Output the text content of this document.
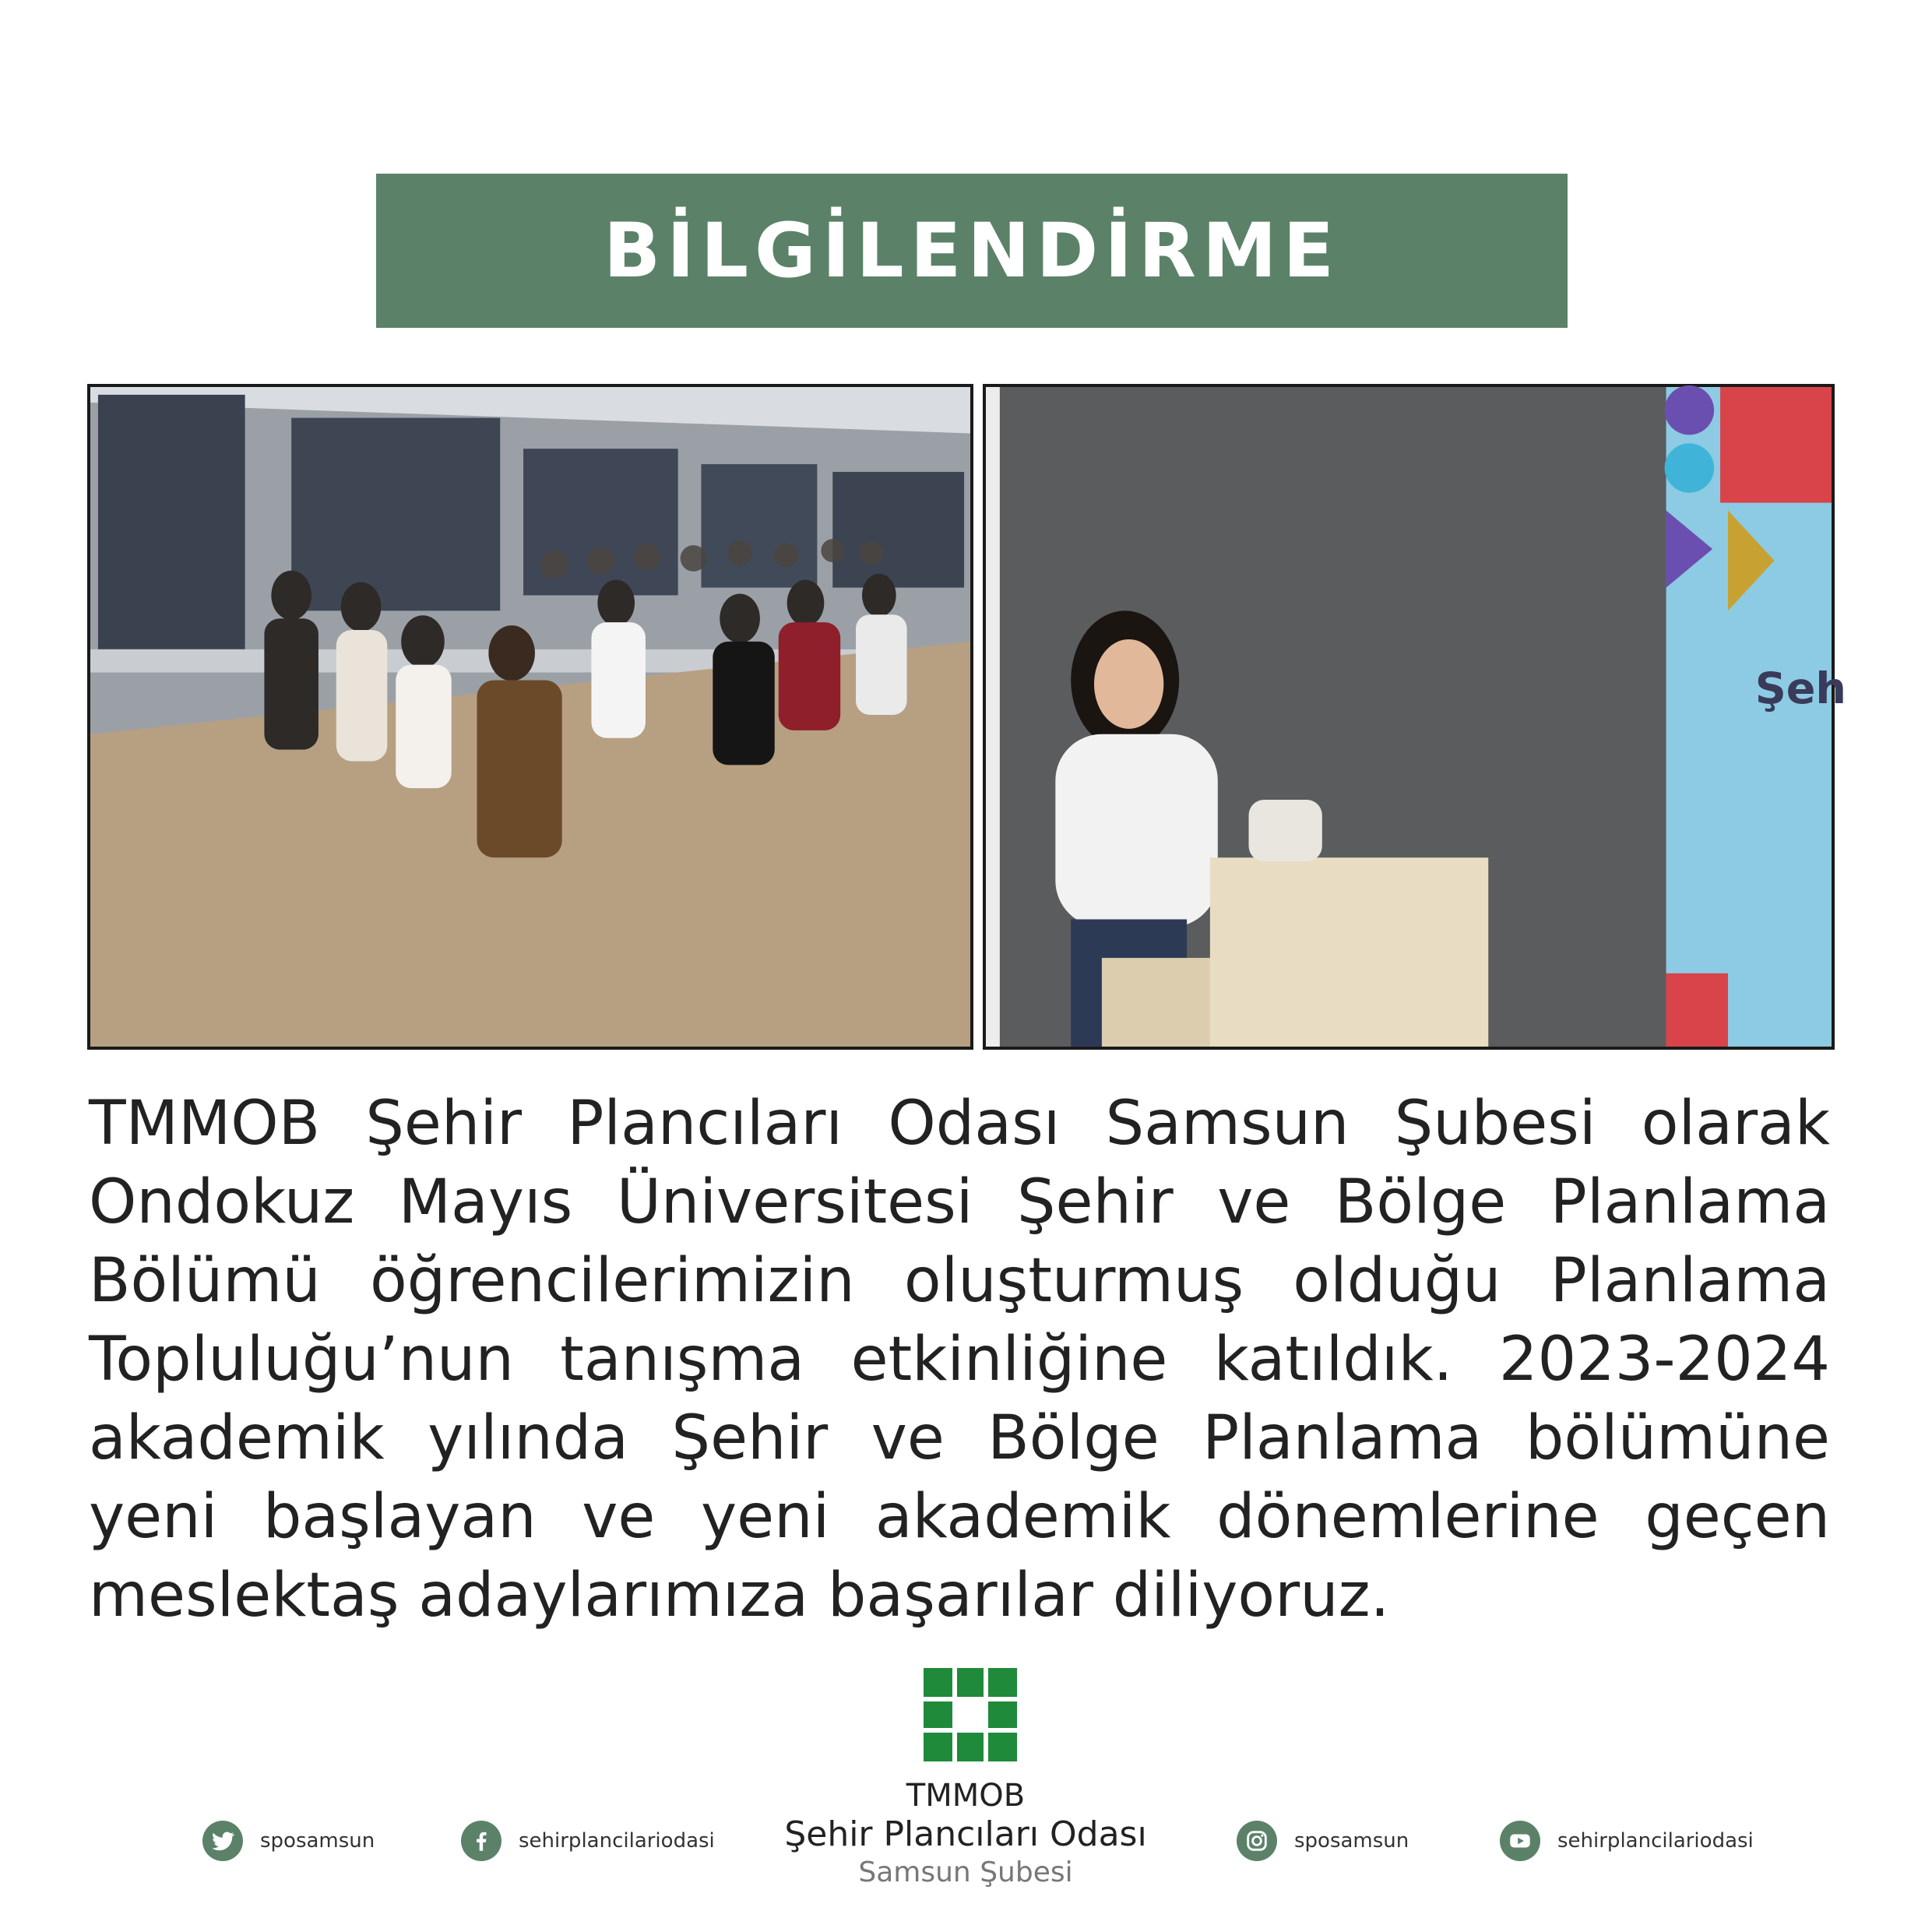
BİLGİLENDİRME
Şeh
TMMOB Şehir Plancıları Odası Samsun Şubesi olarak Ondokuz Mayıs Üniversitesi Şehir ve Bölge Planlama Bölümü öğrencilerimizin oluşturmuş olduğu Planlama Topluluğu’nun tanışma etkinliğine katıldık. 2023-2024 akademik yılında Şehir ve Bölge Planlama bölümüne yeni başlayan ve yeni akademik dönemlerine geçen meslektaş adaylarımıza başarılar diliyoruz.
TMMOB
Şehir Plancıları Odası
Samsun Şubesi
sposamsun	sehirplancilariodasi	sposamsun	sehirplancilariodasi
